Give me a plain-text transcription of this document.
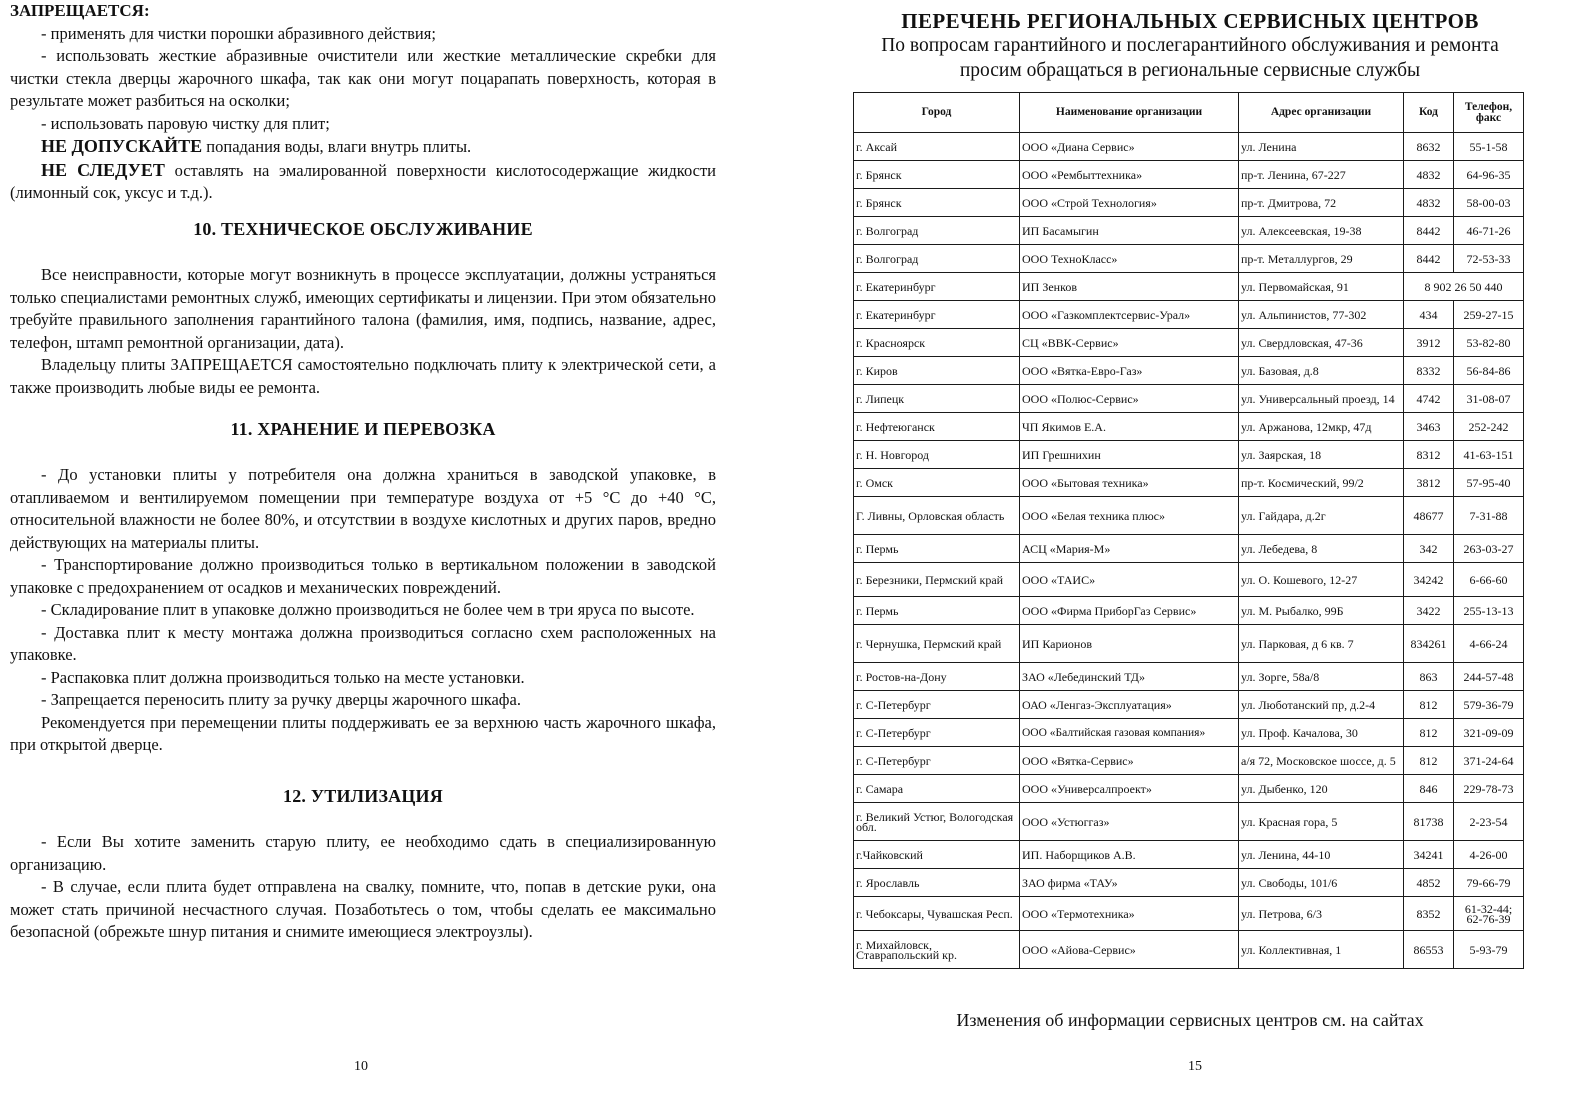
ЗАПРЕЩАЕТСЯ:

- применять для чистки порошки абразивного действия;

- использовать жесткие абразивные очистители или жесткие металлические скребки для чистки стекла дверцы жарочного шкафа, так как они могут поцарапать поверхность, которая в результате может разбиться на осколки;

- использовать паровую чистку для плит;

НЕ ДОПУСКАЙТЕ попадания воды, влаги внутрь плиты.

НЕ СЛЕДУЕТ оставлять на эмалированной поверхности кислотосодержащие жидкости (лимонный сок, уксус и т.д.).

10. ТЕХНИЧЕСКОЕ ОБСЛУЖИВАНИЕ

Все неисправности, которые могут возникнуть в процессе эксплуатации, должны устраняться только специалистами ремонтных служб, имеющих сертификаты и лицензии. При этом обязательно требуйте правильного заполнения гарантийного талона (фамилия, имя, подпись, название, адрес, телефон, штамп ремонтной организации, дата).

Владельцу плиты ЗАПРЕЩАЕТСЯ самостоятельно подключать плиту к электрической сети, а также производить любые виды ее ремонта.

11. ХРАНЕНИЕ И ПЕРЕВОЗКА

- До установки плиты у потребителя она должна храниться в заводской упаковке, в отапливаемом и вентилируемом помещении при температуре воздуха от +5 °С до +40 °С, относительной влажности не более 80%, и отсутствии в воздухе кислотных и других паров, вредно действующих на материалы плиты.

- Транспортирование должно производиться только в вертикальном положении в заводской упаковке с предохранением от осадков и механических повреждений.

- Складирование плит в упаковке должно производиться не более чем в три яруса по высоте.

- Доставка плит к месту монтажа должна производиться согласно схем расположенных на упаковке.

- Распаковка плит должна производиться только на месте установки.

- Запрещается переносить плиту за ручку дверцы жарочного шкафа.

Рекомендуется при перемещении плиты поддерживать ее за верхнюю часть жарочного шкафа, при открытой дверце.

12. УТИЛИЗАЦИЯ

- Если Вы хотите заменить старую плиту, ее необходимо сдать в специализированную организацию.

- В случае, если плита будет отправлена на свалку, помните, что, попав в детские руки, она может стать причиной несчастного случая. Позаботьтесь о том, чтобы сделать ее максимально безопасной (обрежьте шнур питания и снимите имеющиеся электроузлы).

10
ПЕРЕЧЕНЬ РЕГИОНАЛЬНЫХ СЕРВИСНЫХ ЦЕНТРОВ

По вопросам гарантийного и послегарантийного обслуживания и ремонта

просим обращаться в региональные сервисные службы

Город	Наименование организации	Адрес организации	Код	Телефон, факс
г. Аксай	ООО «Диана Сервис»	ул. Ленина	8632	55-1-58
г. Брянск	ООО «Рембыттехника»	пр-т. Ленина, 67-227	4832	64-96-35
г. Брянск	ООО «Строй Технология»	пр-т. Дмитрова, 72	4832	58-00-03
г. Волгоград	ИП Басамыгин	ул. Алексеевская, 19-38	8442	46-71-26
г. Волгоград	ООО ТехноКласс»	пр-т. Металлургов, 29	8442	72-53-33
г. Екатеринбург	ИП Зенков	ул. Первомайская, 91	8 902 26 50 440	
г. Екатеринбург	ООО «Газкомплектсервис-Урал»	ул. Альпинистов, 77-302	434	259-27-15
г. Красноярск	СЦ «ВВК-Сервис»	ул. Свердловская, 47-36	3912	53-82-80
г. Киров	ООО «Вятка-Евро-Газ»	ул. Базовая, д.8	8332	56-84-86
г. Липецк	ООО «Полюс-Сервис»	ул. Универсальный проезд, 14	4742	31-08-07
г. Нефтеюганск	ЧП Якимов Е.А.	ул. Аржанова, 12мкр, 47д	3463	252-242
г. Н. Новгород	ИП Грешнихин	ул. Заярская, 18	8312	41-63-151
г. Омск	ООО «Бытовая техника»	пр-т. Космический, 99/2	3812	57-95-40
Г. Ливны, Орловская область	ООО «Белая техника плюс»	ул. Гайдара, д.2г	48677	7-31-88
г. Пермь	АСЦ «Мария-М»	ул. Лебедева, 8	342	263-03-27
г. Березники, Пермский край	ООО «ТАИС»	ул. О. Кошевого, 12-27	34242	6-66-60
г. Пермь	ООО «Фирма ПриборГаз Сервис»	ул. М. Рыбалко, 99Б	3422	255-13-13
г. Чернушка, Пермский край	ИП Карионов	ул. Парковая, д 6 кв. 7	834261	4-66-24
г. Ростов-на-Дону	ЗАО «Лебединский ТД»	ул. Зорге, 58а/8	863	244-57-48
г. С-Петербург	ОАО «Ленгаз-Эксплуатация»	ул. Люботанский пр, д.2-4	812	579-36-79
г. С-Петербург	ООО «Балтийская газовая компания»	ул. Проф. Качалова, 30	812	321-09-09
г. С-Петербург	ООО «Вятка-Сервис»	а/я 72, Московское шоссе, д. 5	812	371-24-64
г. Самара	ООО «Универсалпроект»	ул. Дыбенко, 120	846	229-78-73
г. Великий Устюг, Вологодская обл.	ООО «Устюггаз»	ул. Красная гора, 5	81738	2-23-54
г.Чайковский	ИП. Наборщиков А.В.	ул. Ленина, 44-10	34241	4-26-00
г. Ярославль	ЗАО фирма «ТАУ»	ул. Свободы, 101/6	4852	79-66-79
г. Чебоксары, Чувашская Респ.	ООО «Термотехника»	ул. Петрова, 6/3	8352	61-32-44; 62-76-39
г. Михайловск, Ставрапольский кр.	ООО «Айова-Сервис»	ул. Коллективная, 1	86553	5-93-79

Изменения об информации сервисных центров см. на сайтах

15
